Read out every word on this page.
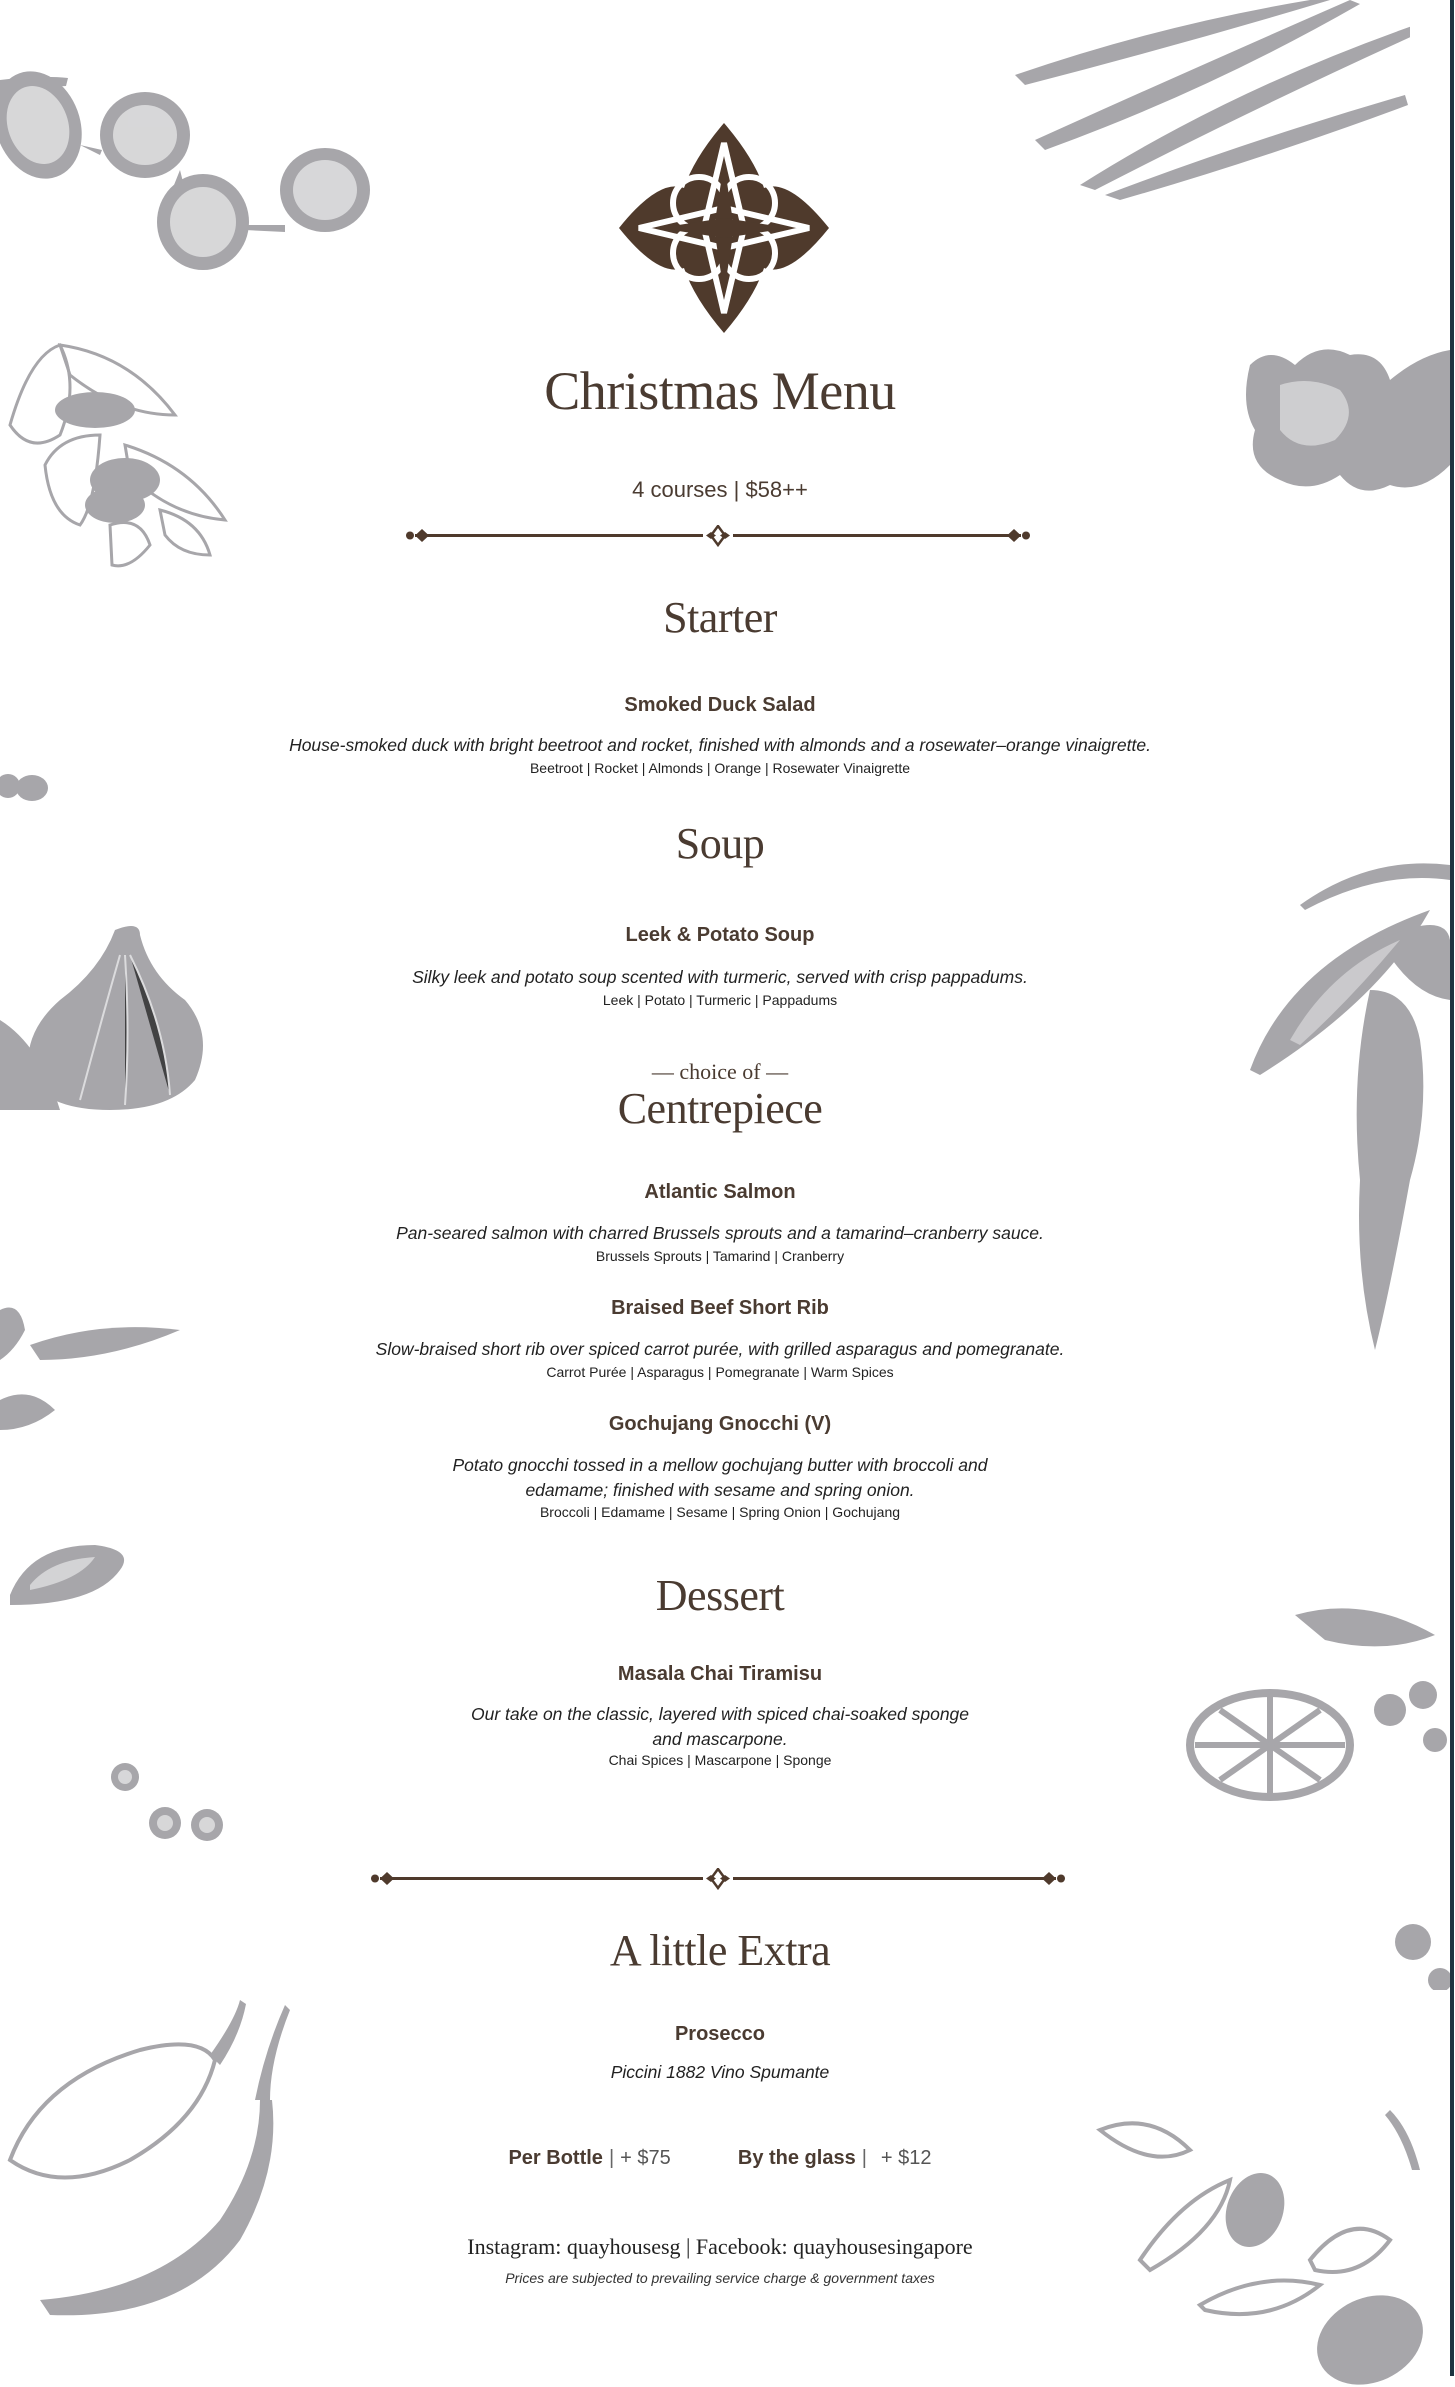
Christmas Menu
4 courses | $58++
Starter
Smoked Duck Salad
House-smoked duck with bright beetroot and rocket, finished with almonds and a rosewater–orange vinaigrette.
Beetroot | Rocket | Almonds | Orange | Rosewater Vinaigrette
Soup
Leek & Potato Soup
Silky leek and potato soup scented with turmeric, served with crisp pappadums.
Leek | Potato | Turmeric | Pappadums
— choice of —
Centrepiece
Atlantic Salmon
Pan-seared salmon with charred Brussels sprouts and a tamarind–cranberry sauce.
Brussels Sprouts | Tamarind | Cranberry
Braised Beef Short Rib
Slow-braised short rib over spiced carrot purée, with grilled asparagus and pomegranate.
Carrot Purée | Asparagus | Pomegranate | Warm Spices
Gochujang Gnocchi (V)
Potato gnocchi tossed in a mellow gochujang butter with broccoli and
edamame; finished with sesame and spring onion.
Broccoli | Edamame | Sesame | Spring Onion | Gochujang
Dessert
Masala Chai Tiramisu
Our take on the classic, layered with spiced chai-soaked sponge
and mascarpone.
Chai Spices | Mascarpone | Sponge
A little Extra
Prosecco
Piccini 1882 Vino Spumante
Per Bottle | + $75	By the glass | + $12
Instagram: quayhousesg | Facebook: quayhousesingapore
Prices are subjected to prevailing service charge & government taxes
